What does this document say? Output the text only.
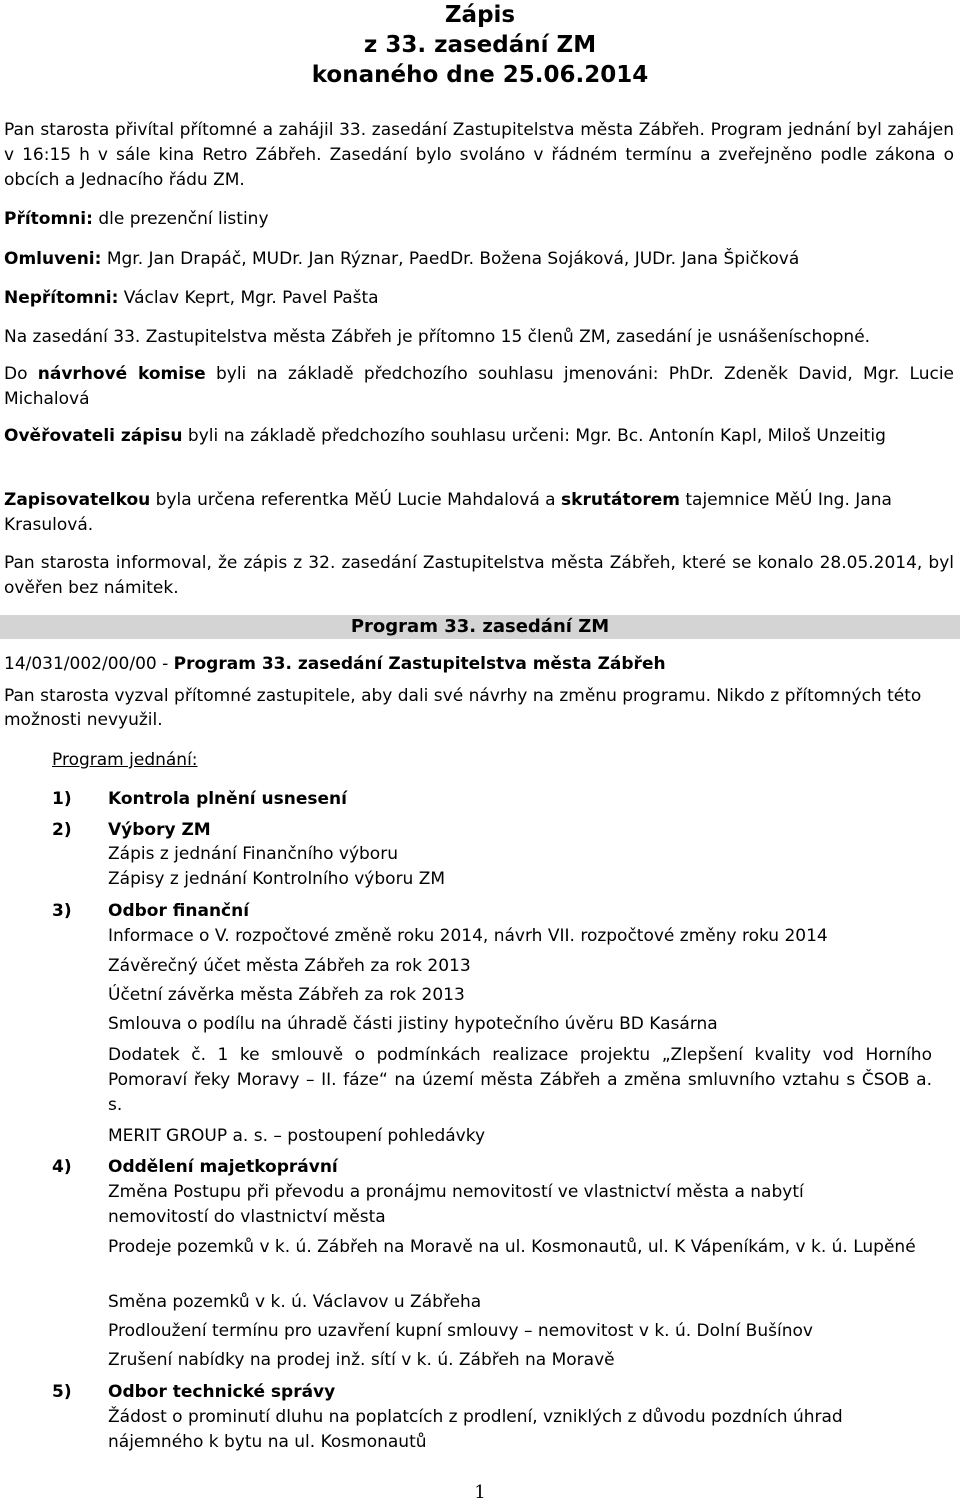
Zápis
z 33. zasedání ZM
konaného dne 25.06.2014
Pan starosta přivítal přítomné a zahájil 33. zasedání Zastupitelstva města Zábřeh. Program jednání byl zahájen v 16:15 h v sále kina Retro Zábřeh. Zasedání bylo svoláno v řádném termínu a zveřejněno podle zákona o obcích a Jednacího řádu ZM.
Přítomni: dle prezenční listiny
Omluveni: Mgr. Jan Drapáč, MUDr. Jan Rýznar, PaedDr. Božena Sojáková, JUDr. Jana Špičková
Nepřítomni: Václav Keprt, Mgr. Pavel Pašta
Na zasedání 33. Zastupitelstva města Zábřeh je přítomno 15 členů ZM, zasedání je usnášeníschopné.
Do návrhové komise byli na základě předchozího souhlasu jmenováni: PhDr. Zdeněk David, Mgr. Lucie Michalová
Ověřovateli zápisu byli na základě předchozího souhlasu určeni: Mgr. Bc. Antonín Kapl, Miloš Unzeitig
Zapisovatelkou byla určena referentka MěÚ Lucie Mahdalová a skrutátorem tajemnice MěÚ Ing. Jana Krasulová.
Pan starosta informoval, že zápis z 32. zasedání Zastupitelstva města Zábřeh, které se konalo 28.05.2014, byl ověřen bez námitek.
Program 33. zasedání ZM
14/031/002/00/00 - Program 33. zasedání Zastupitelstva města Zábřeh
Pan starosta vyzval přítomné zastupitele, aby dali své návrhy na změnu programu. Nikdo z přítomných této možnosti nevyužil.
Program jednání:
1) Kontrola plnění usnesení
2) Výbory ZM
Zápis z jednání Finančního výboru
Zápisy z jednání Kontrolního výboru ZM
3) Odbor finanční
Informace o V. rozpočtové změně roku 2014, návrh VII. rozpočtové změny roku 2014
Závěrečný účet města Zábřeh za rok 2013
Účetní závěrka města Zábřeh za rok 2013
Smlouva o podílu na úhradě části jistiny hypotečního úvěru BD Kasárna
Dodatek č. 1 ke smlouvě o podmínkách realizace projektu „Zlepšení kvality vod Horního Pomoraví řeky Moravy – II. fáze“ na území města Zábřeh a změna smluvního vztahu s ČSOB a. s.
MERIT GROUP a. s. – postoupení pohledávky
4) Oddělení majetkoprávní
Změna Postupu při převodu a pronájmu nemovitostí ve vlastnictví města a nabytí nemovitostí do vlastnictví města
Prodeje pozemků v k. ú. Zábřeh na Moravě na ul. Kosmonautů, ul. K Vápeníkám, v k. ú. Lupěné
Směna pozemků v k. ú. Václavov u Zábřeha
Prodloužení termínu pro uzavření kupní smlouvy – nemovitost v k. ú. Dolní Bušínov
Zrušení nabídky na prodej inž. sítí v k. ú. Zábřeh na Moravě
5) Odbor technické správy
Žádost o prominutí dluhu na poplatcích z prodlení, vzniklých z důvodu pozdních úhrad nájemného k bytu na ul. Kosmonautů
1
